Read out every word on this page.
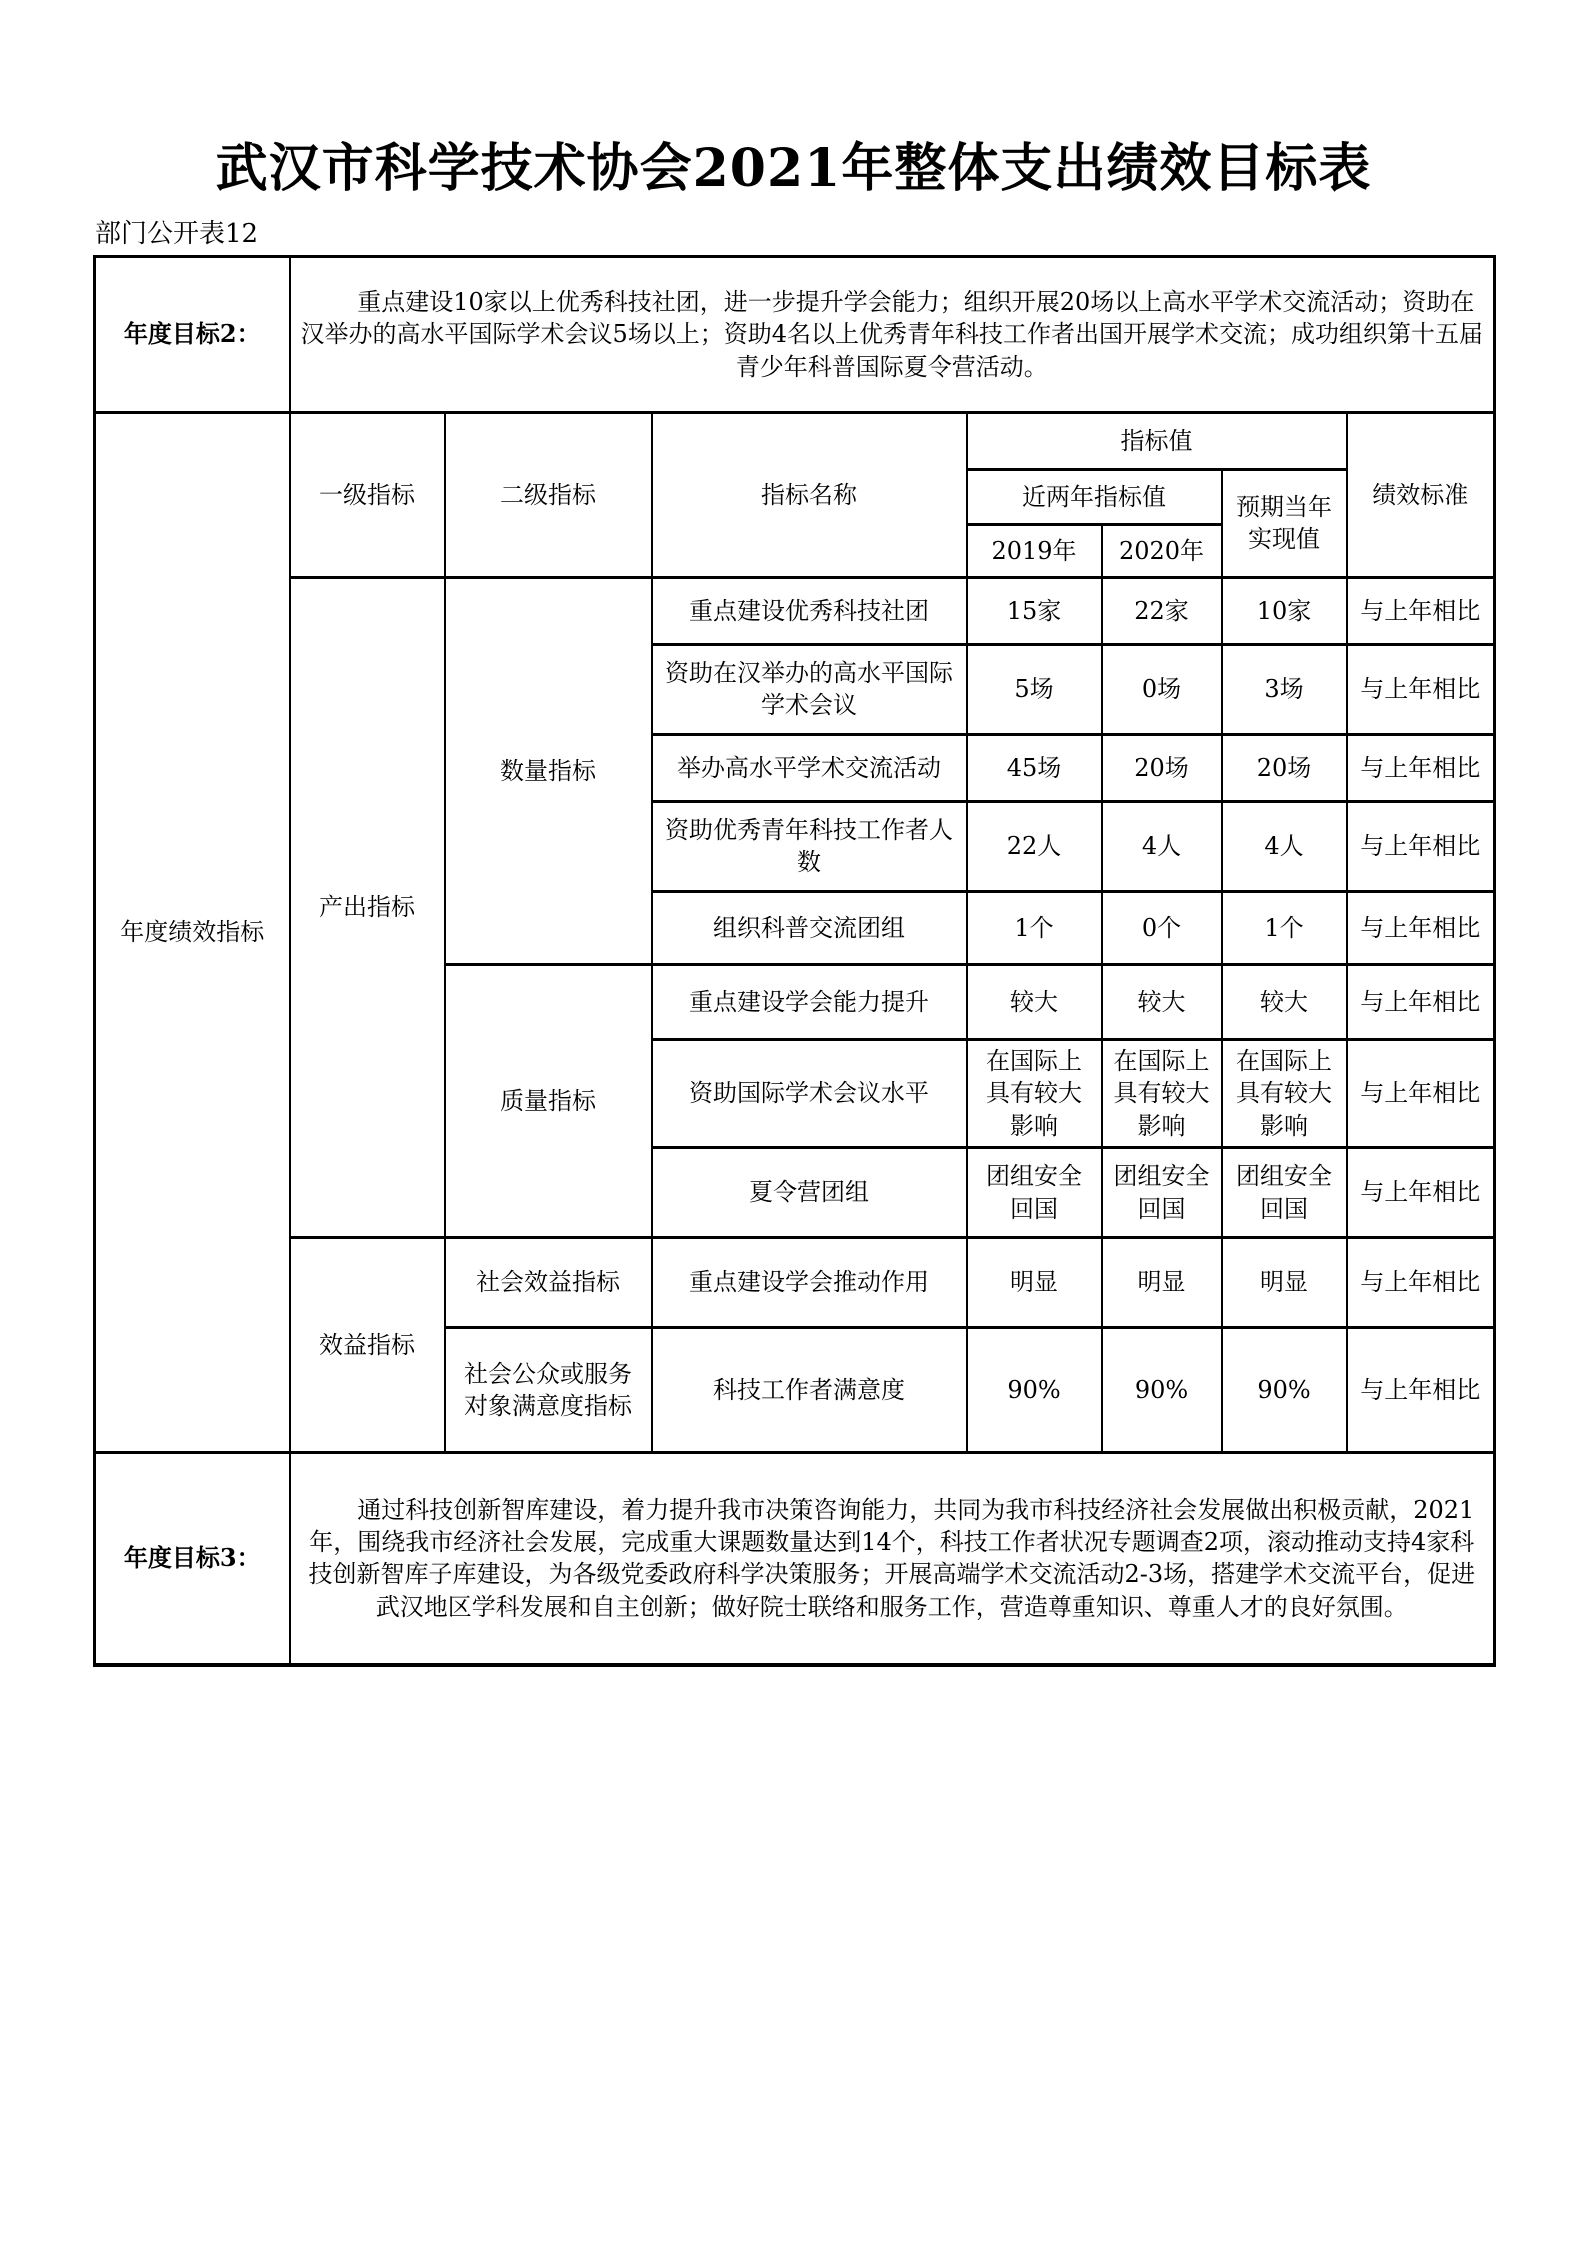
武汉市科学技术协会2021年整体支出绩效目标表
部门公开表12
年度目标2：	重点建设10家以上优秀科技社团，进一步提升学会能力；组织开展20场以上高水平学术交流活动；资助在汉举办的高水平国际学术会议5场以上；资助4名以上优秀青年科技工作者出国开展学术交流；成功组织第十五届青少年科普国际夏令营活动。						
年度绩效指标	一级指标	二级指标	指标名称	指标值			绩效标准
				近两年指标值		预期当年实现值	
				2019年	2020年		
	产出指标	数量指标	重点建设优秀科技社团	15家	22家	10家	与上年相比
			资助在汉举办的高水平国际学术会议	5场	0场	3场	与上年相比
			举办高水平学术交流活动	45场	20场	20场	与上年相比
			资助优秀青年科技工作者人数	22人	4人	4人	与上年相比
			组织科普交流团组	1个	0个	1个	与上年相比
		质量指标	重点建设学会能力提升	较大	较大	较大	与上年相比
			资助国际学术会议水平	在国际上具有较大影响	在国际上具有较大影响	在国际上具有较大影响	与上年相比
			夏令营团组	团组安全回国	团组安全回国	团组安全回国	与上年相比
	效益指标	社会效益指标	重点建设学会推动作用	明显	明显	明显	与上年相比
		社会公众或服务对象满意度指标	科技工作者满意度	90%	90%	90%	与上年相比
年度目标3：	通过科技创新智库建设，着力提升我市决策咨询能力，共同为我市科技经济社会发展做出积极贡献，2021年，围绕我市经济社会发展，完成重大课题数量达到14个，科技工作者状况专题调查2项，滚动推动支持4家科技创新智库子库建设，为各级党委政府科学决策服务；开展高端学术交流活动2-3场，搭建学术交流平台，促进武汉地区学科发展和自主创新；做好院士联络和服务工作，营造尊重知识、尊重人才的良好氛围。						
